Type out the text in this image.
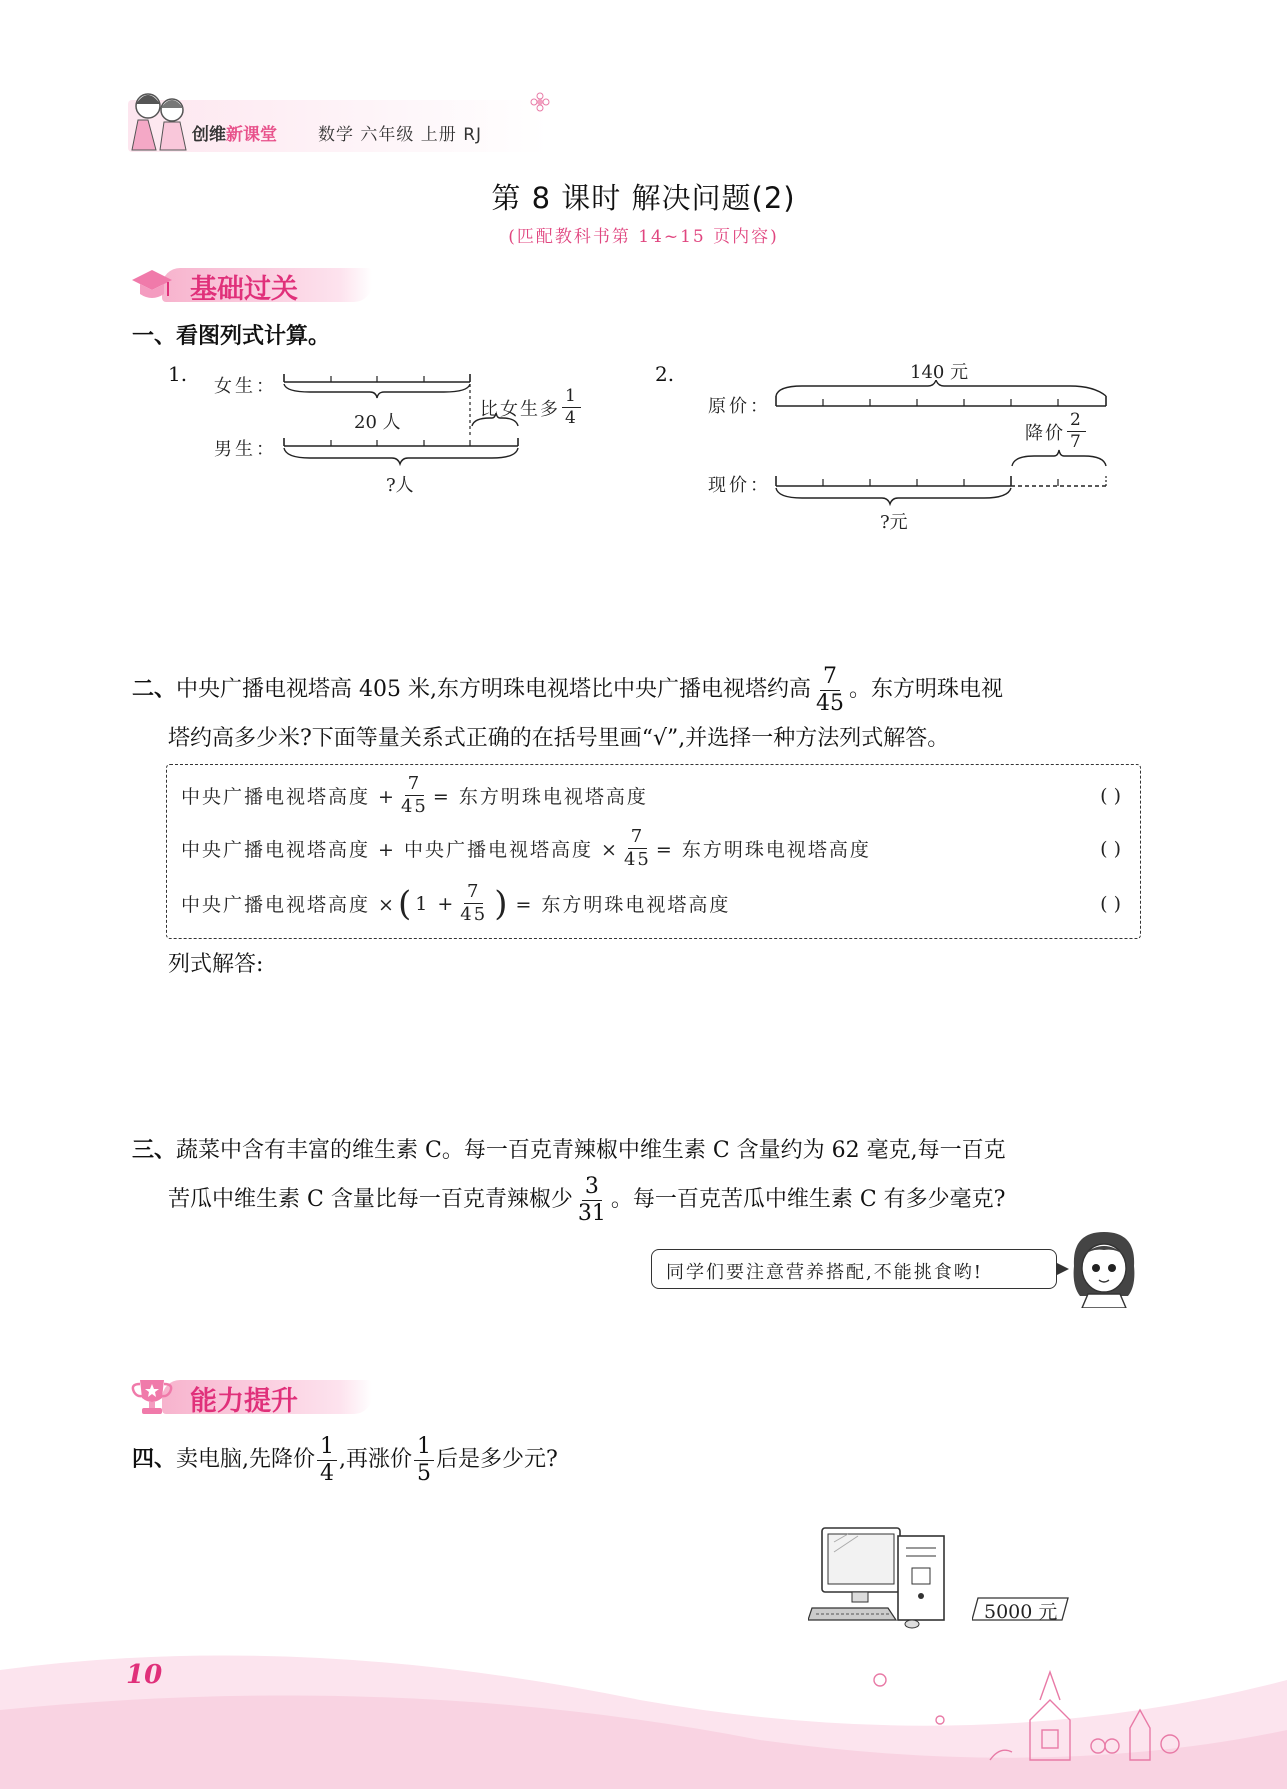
创维新课堂 数学 六年级 上册 RJ
第 8 课时 解决问题(2)
(匹配教科书第 14~15 页内容)
基础过关
一、看图列式计算。
1.
女生：
男生：
20 人
?人
比女生多 $\frac{1}{4}$
2.
原价：
现价：
140 元
降价 $\frac{2}{7}$
?元
二、 中央广播电视塔高 405 米,东方明珠电视塔比中央广播电视塔约高 $\frac{7}{45}$ 。东方明珠电视
塔约高多少米?下面等量关系式正确的在括号里画“√”,并选择一种方法列式解答。
中央广播电视塔高度 + $\frac{7}{45}$ = 东方明珠电视塔高度	( )
中央广播电视塔高度 + 中央广播电视塔高度 × $\frac{7}{45}$ = 东方明珠电视塔高度	( )
中央广播电视塔高度 × ( $1 + \frac{7}{45}$ ) = 东方明珠电视塔高度	( )
列式解答:
三、蔬菜中含有丰富的维生素 C。每一百克青辣椒中维生素 C 含量约为 62 毫克,每一百克
苦瓜中维生素 C 含量比每一百克青辣椒少 $\frac{3}{31}$ 。每一百克苦瓜中维生素 C 有多少毫克?
同学们要注意营养搭配,不能挑食哟!
能力提升
四、 卖电脑,先降价 $\frac{1}{4}$ ,再涨价 $\frac{1}{5}$ 后是多少元?
5000 元
10
